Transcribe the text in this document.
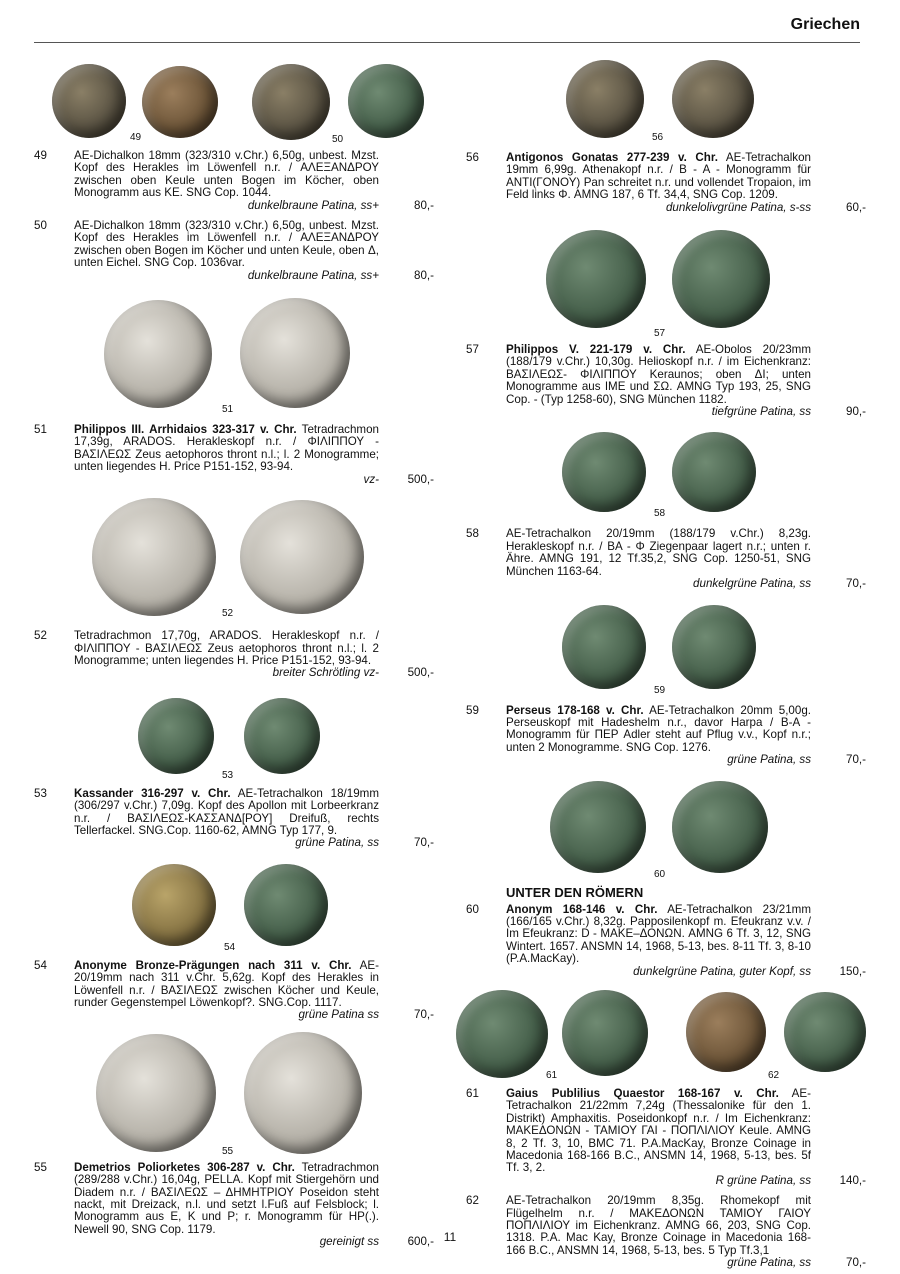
Griechen
49	50
49	AE-Dichalkon 18mm (323/310 v.Chr.) 6,50g, unbest. Mzst. Kopf des Herakles im Löwenfell n.r. / ΑΛΕΞΑΝΔΡΟΥ zwischen oben Keule unten Bogen im Köcher, oben Monogramm aus KE. SNG Cop. 1044.
dunkelbraune Patina, ss+	80,-
50	AE-Dichalkon 18mm (323/310 v.Chr.) 6,50g, unbest. Mzst. Kopf des Herakles im Löwenfell n.r. / ΑΛΕΞΑΝΔΡΟΥ zwischen oben Bogen im Köcher und unten Keule, oben Δ, unten Eichel. SNG Cop. 1036var.
dunkelbraune Patina, ss+	80,-
51
51	Philippos III. Arrhidaios 323-317 v. Chr. Tetradrachmon 17,39g, ARADOS. Herakleskopf n.r. / ΦΙΛΙΠΠΟΥ - ΒΑΣΙΛΕΩΣ Zeus aetophoros thront n.l.; l. 2 Monogramme; unten liegendes H. Price P151-152, 93-94.
vz-	500,-
52
52	Tetradrachmon 17,70g, ARADOS. Herakleskopf n.r. / ΦΙΛΙΠΠΟΥ - ΒΑΣΙΛΕΩΣ Zeus aetophoros thront n.l.; l. 2 Monogramme; unten liegendes H. Price P151-152, 93-94.
breiter Schrötling vz-	500,-
53
53	Kassander 316-297 v. Chr. AE-Tetrachalkon 18/19mm (306/297 v.Chr.) 7,09g. Kopf des Apollon mit Lorbeerkranz n.r. / ΒΑΣΙΛΕΩΣ-ΚΑΣΣΑΝΔ[ΡΟΥ] Dreifuß, rechts Tellerfackel. SNG.Cop. 1160-62, AMNG Typ 177, 9.
grüne Patina, ss	70,-
54
54	Anonyme Bronze-Prägungen nach 311 v. Chr. AE-20/19mm nach 311 v.Chr. 5,62g. Kopf des Herakles in Löwenfell n.r. / ΒΑΣΙΛΕΩΣ zwischen Köcher und Keule, runder Gegenstempel Löwenkopf?. SNG.Cop. 1117.
grüne Patina ss	70,-
55
55	Demetrios Poliorketes 306-287 v. Chr. Tetradrachmon (289/288 v.Chr.) 16,04g, PELLA. Kopf mit Stiergehörn und Diadem n.r. / ΒΑΣΙΛΕΩΣ – ΔΗΜΗΤΡΙΟΥ Poseidon steht nackt, mit Dreizack, n.l. und setzt l.Fuß auf Felsblock; l. Monogramm aus E, K und P; r. Monogramm für HP(.). Newell 90, SNG Cop. 1179.
gereinigt ss	600,-
56
56	Antigonos Gonatas 277-239 v. Chr. AE-Tetrachalkon 19mm 6,99g. Athenakopf n.r. / B - A - Monogramm für ANTI(ΓΟΝΟΥ) Pan schreitet n.r. und vollendet Tropaion, im Feld links Φ. AMNG 187, 6 Tf. 34,4, SNG Cop. 1209.
dunkelolivgrüne Patina, s-ss	60,-
57
57	Philippos V. 221-179 v. Chr. AE-Obolos 20/23mm (188/179 v.Chr.) 10,30g. Helioskopf n.r. / im Eichenkranz: ΒΑΣΙΛΕΩΣ- ΦΙΛΙΠΠΟΥ Keraunos; oben ΔΙ; unten Monogramme aus IME und ΣΩ. AMNG Typ 193, 25, SNG Cop. - (Typ 1258-60), SNG München 1182.
tiefgrüne Patina, ss	90,-
58
58	AE-Tetrachalkon 20/19mm (188/179 v.Chr.) 8,23g. Herakleskopf n.r. / BA - Φ Ziegenpaar lagert n.r.; unten r. Ähre. AMNG 191, 12 Tf.35,2, SNG Cop. 1250-51, SNG München 1163-64.
dunkelgrüne Patina, ss	70,-
59
59	Perseus 178-168 v. Chr. AE-Tetrachalkon 20mm 5,00g. Perseuskopf mit Hadeshelm n.r., davor Harpa / B-A - Monogramm für ΠΕΡ Adler steht auf Pflug v.v., Kopf n.r.; unten 2 Monogramme. SNG Cop. 1276.
grüne Patina, ss	70,-
60
UNTER DEN RÖMERN
60	Anonym 168-146 v. Chr. AE-Tetrachalkon 23/21mm (166/165 v.Chr.) 8,32g. Papposilenkopf m. Efeukranz v.v. / Im Efeukranz: D - ΜΑΚΕ–ΔΟΝΩΝ. AMNG 6 Tf. 3, 12, SNG Wintert. 1657. ANSMN 14, 1968, 5-13, bes. 8-11 Tf. 3, 8-10 (P.A.MacKay).
dunkelgrüne Patina, guter Kopf, ss	150,-
61	62
61	Gaius Publilius Quaestor 168-167 v. Chr. AE-Tetrachalkon 21/22mm 7,24g (Thessalonike für den 1. Distrikt) Amphaxitis. Poseidonkopf n.r. / Im Eichenkranz: ΜΑΚΕΔΟΝΩΝ - ΤΑΜΙΟΥ ΓΑΙ - ΠΟΠΛΙΛΙΟΥ Keule. AMNG 8, 2 Tf. 3, 10, BMC 71. P.A.MacKay, Bronze Coinage in Macedonia 168-166 B.C., ANSMN 14, 1968, 5-13, bes. 5f Tf. 3, 2.
R grüne Patina, ss	140,-
62	AE-Tetrachalkon 20/19mm 8,35g. Rhomekopf mit Flügelhelm n.r. / ΜΑΚΕΔΟΝΩΝ ΤΑΜΙΟΥ ΓΑΙΟΥ ΠΟΠΛΙΛΙΟΥ im Eichenkranz. AMNG 66, 203, SNG Cop. 1318. P.A. Mac Kay, Bronze Coinage in Macedonia 168-166 B.C., ANSMN 14, 1968, 5-13, bes. 5 Typ Tf.3,1
grüne Patina, ss	70,-
11
